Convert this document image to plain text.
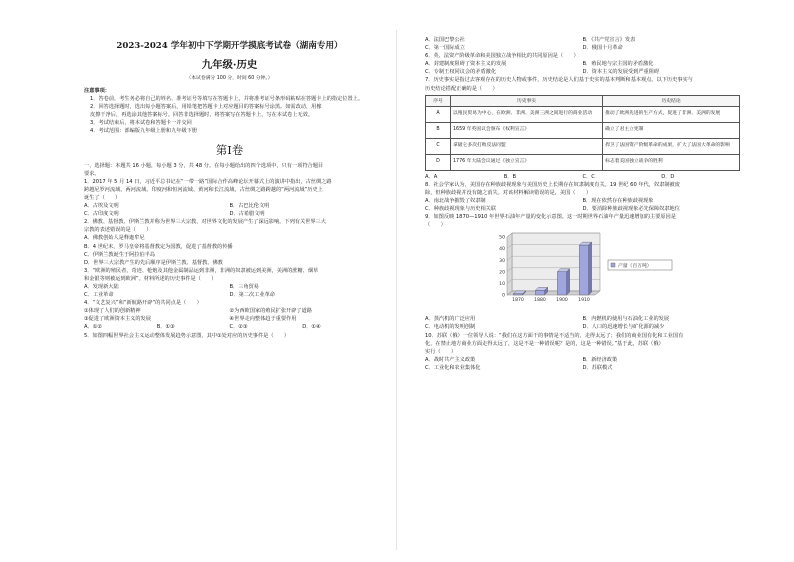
2023-2024 学年初中下学期开学摸底考试卷（湖南专用）
九年级·历史
（本试卷满分 100 分，时间 60 分钟。）
注意事项：
1．答卷前，考生务必将自己的姓名、准考证号等填写在答题卡上，并将准考证号条形码粘贴在答题卡上的指定位置上。
2．回答选择题时，选出每小题答案后，用铅笔把答题卡上对应题目的答案标号涂黑。如需改动，用橡
皮擦干净后，再选涂其他答案标号。回答非选择题时，将答案写在答题卡上，写在本试卷上无效。
3．考试结束后，将本试卷和答题卡一并交回
4．考试范围：部编版九年级上册和九年级下册
第Ⅰ卷
一、选择题：本题共 16 小题，每小题 3 分，共 48 分。在每小题给出的四个选项中，只有一项符合题目
要求。
1．2017 年 5 月 14 日，习近平总书记在“一带一路”国际合作高峰论坛开幕式上的演讲中指出，古丝绸之路
跨越尼罗河流域、两河流域、印度河和恒河流域、黄河和长江流域，古丝绸之路跨越的“两河流域”历史上
诞生了（　　）
A．古埃及文明	B．古巴比伦文明
C．古印度文明	D．古希腊文明
2．佛教、基督教、伊斯兰教并称为世界三大宗教，对世界文化的发展产生了深远影响。下列有关世界三大
宗教的表述错误的是（　　）
A．佛教创始人是释迦牟尼
B．4 世纪末，罗马皇帝将基督教定为国教，促进了基督教的传播
C．伊斯兰教诞生于阿拉伯半岛
D．世界三大宗教产生的先后顺序是伊斯兰教、基督教、佛教
3．“欧洲的殖民者，奇迹、枪炮及其他金属制品运到非洲，非洲的奴隶被运到美洲，美洲的蔗糖、烟草
和金银等则被运到欧洲”。材料所述的历史事件是（　　）
A．发现新大陆	B．三角贸易
C．工业革命	D．第二次工业革命
4．“文艺复兴”和“新航路开辟”的共同点是（　　）
①体现了人们的创新精神	②为西欧国家的殖民扩张开辟了道路
③促进了欧洲资本主义的发展	④世界走向整体趋于重要作用
A．①②	B．①③	C．②③	D．①④
5．如图四幅世界社会主义运动整体发展趋势示意图，其中①处对应的历史事件是（　　）
A．法国巴黎公社	B．《共产党宣言》发表
C．第一国际成立	D．俄国十月革命
6．英、法资产阶级革命和美国独立战争相比的共同原因是（　　）
A．封建制度阻碍了资本主义的发展	B．殖民地与宗主国的矛盾激化
C．专制王权同议会的矛盾激化	D．资本主义的发展受到严重阻碍
7．历史事实是指过去客观存在的历史人物或事件，历史结论是人们基于史实的基本判断和基本观点。以下历史事实与
历史结论搭配正确的是（　　）
序号	历史事实	历史结论
A	以殖民贸易为中心，在欧洲、非洲、美洲三洲之间进行的商业活动	推动了欧洲先进的生产方式，促进了非洲、美洲的发展
B	1659 年英国议会颁布《权利宣言》	确立了君主立宪制
C	拿破仑多次打败反法同盟	捍卫了法国资产阶级革命的成果，扩大了法国大革命的影响
D	1776 年大陆会议通过《独立宣言》	标志着美国独立战争的胜利
A．A	B．B	C．C	D．D
8．社会学家认为，美国存在种族歧视现象与美国历史上长期存在奴隶制度有关。19 世纪 60 年代，奴隶制被废
除，但种族歧视并没有随之消失。对该材料解读错误的是，美国（　　）
A．南北战争摧毁了奴隶制	B．现在依然存在种族歧视现象
C．种族歧视现象与历史相关联	D．要消除种族歧视现象必先保障奴隶地位
9．如图反映 1870—1910 年世界石油年产量的变化示意图。这一时期世界石油年产量迅速增加的主要原因是
（　　）
0
10
20
30
40
50
1870 1880 1900 1910
产量（百万吨）
A．蒸汽机的广泛应用	B．内燃机的使用与石油化工业的发展
C．电动机的发明创制	D．人口的迅速增长与矿化源的减少
10．苏联（俄）一位领导人说：“我们在这方面干的事情是不适当的，走得太远了；我们的商业国有化和工业国有
化，在禁止地方商业方面走得太远了，这是不是一种错误呢？是的，这是一种错误。”基于此，苏联（俄）
实行（　　）
A．战时共产主义政策	B．新经济政策
C．工业化和农业集体化	D．苏联模式
